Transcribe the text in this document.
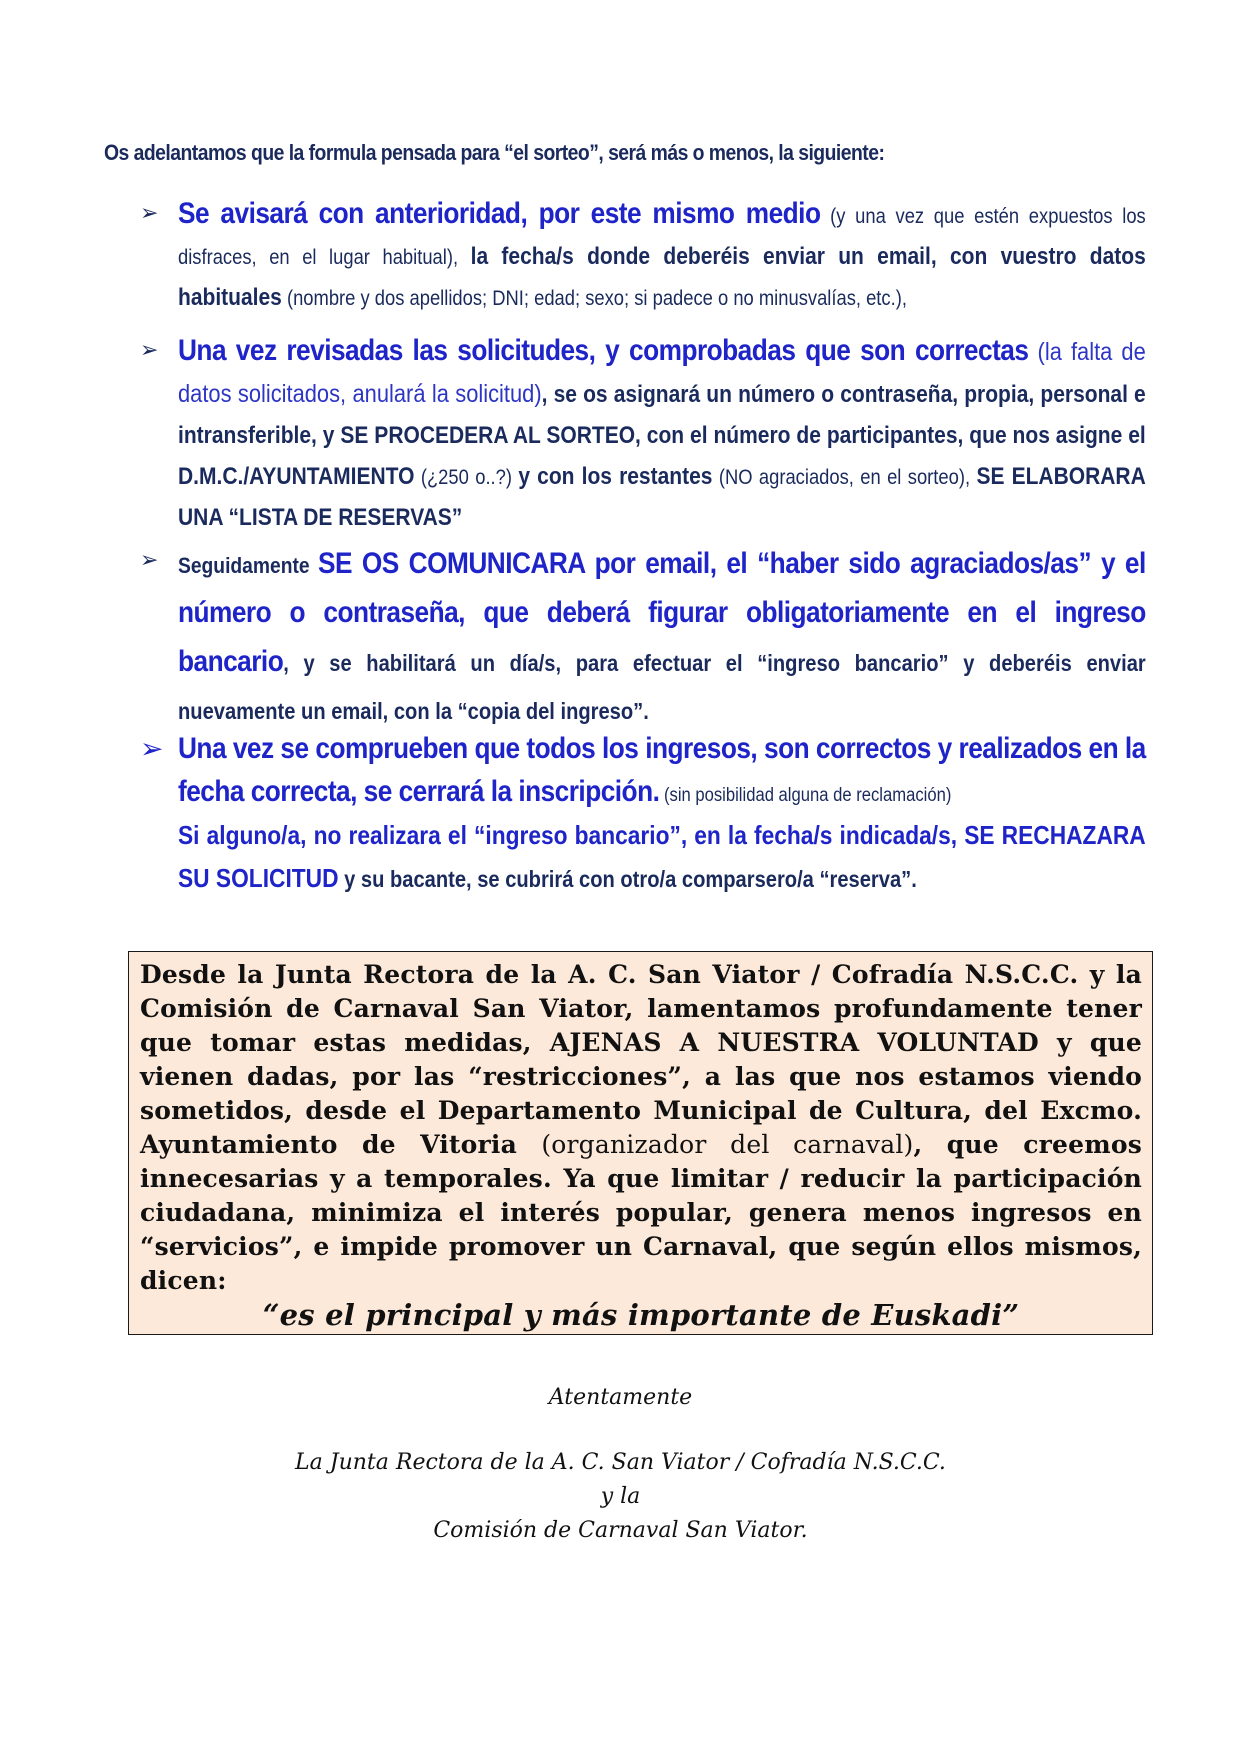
Os adelantamos que la formula pensada para “el sorteo”, será más o menos, la siguiente:
➢ Se avisará con anterioridad, por este mismo medio (y una vez que estén expuestos los disfraces, en el lugar habitual), la fecha/s donde deberéis enviar un email, con vuestro datos habituales (nombre y dos apellidos; DNI; edad; sexo; si padece o no minusvalías, etc.),
➢ Una vez revisadas las solicitudes, y comprobadas que son correctas (la falta de datos solicitados, anulará la solicitud), se os asignará un número o contraseña, propia, personal e intransferible, y SE PROCEDERA AL SORTEO, con el número de participantes, que nos asigne el D.M.C./AYUNTAMIENTO (¿250 o..?) y con los restantes (NO agraciados, en el sorteo), SE ELABORARA UNA “LISTA DE RESERVAS”
➢ Seguidamente SE OS COMUNICARA por email, el “haber sido agraciados/as” y el número o contraseña, que deberá figurar obligatoriamente en el ingreso bancario, y se habilitará un día/s, para efectuar el “ingreso bancario” y deberéis enviar nuevamente un email, con la “copia del ingreso”.
➢ Una vez se comprueben que todos los ingresos, son correctos y realizados en la fecha correcta, se cerrará la inscripción. (sin posibilidad alguna de reclamación)
Si alguno/a, no realizara el “ingreso bancario”, en la fecha/s indicada/s, SE RECHAZARA SU SOLICITUD y su bacante, se cubrirá con otro/a comparsero/a “reserva”.
Desde la Junta Rectora de la A. C. San Viator / Cofradía N.S.C.C. y la Comisión de Carnaval San Viator, lamentamos profundamente tener que tomar estas medidas, AJENAS A NUESTRA VOLUNTAD y que vienen dadas, por las “restricciones”, a las que nos estamos viendo sometidos, desde el Departamento Municipal de Cultura, del Excmo. Ayuntamiento de Vitoria (organizador del carnaval), que creemos innecesarias y a temporales. Ya que limitar / reducir la participación ciudadana, minimiza el interés popular, genera menos ingresos en “servicios”, e impide promover un Carnaval, que según ellos mismos, dicen:
“es el principal y más importante de Euskadi”
Atentamente
La Junta Rectora de la A. C. San Viator / Cofradía N.S.C.C.
y la
Comisión de Carnaval San Viator.
